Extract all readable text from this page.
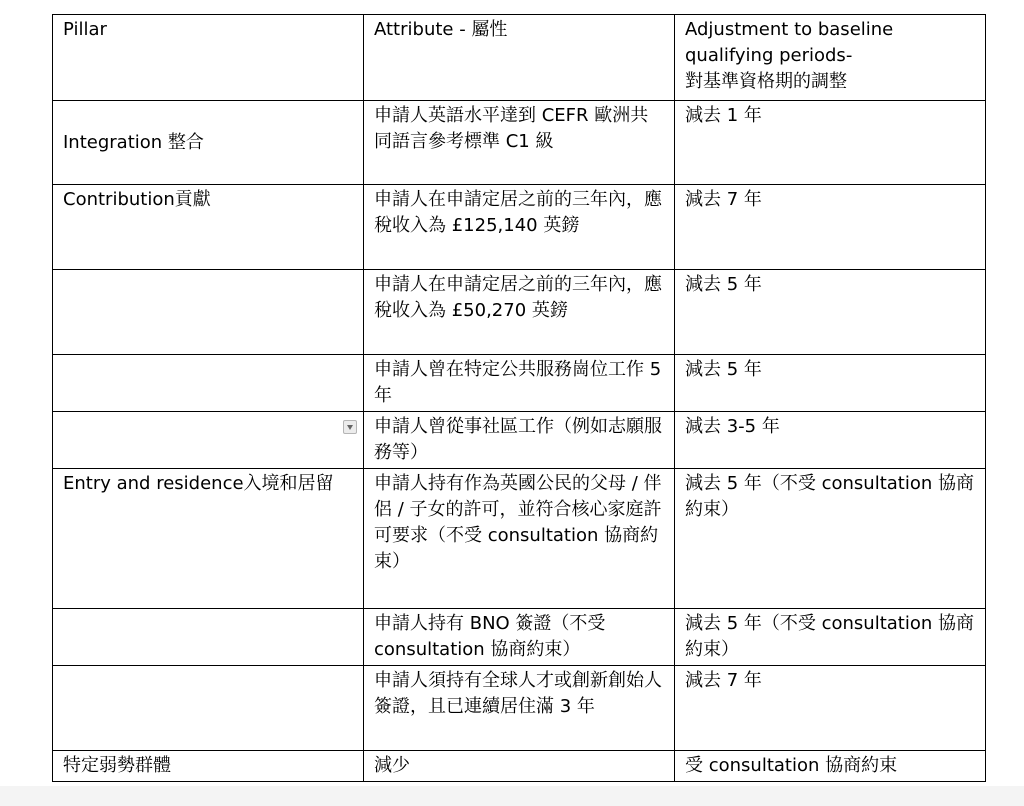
Pillar	Attribute - 屬性	Adjustment to baseline
qualifying periods-
對基準資格期的調整

Integration 整合	申請人英語水平達到 CEFR 歐洲共同語言參考標準 C1 級	減去 1 年
Contribution貢獻	申請人在申請定居之前的三年內，應稅收入為 £125,140 英鎊	減去 7 年
	申請人在申請定居之前的三年內，應稅收入為 £50,270 英鎊	減去 5 年
	申請人曾在特定公共服務崗位工作 5 年	減去 5 年

	申請人曾從事社區工作（例如志願服務等）	減去 3-5 年
Entry and residence入境和居留	申請人持有作為英國公民的父母 / 伴侶 / 子女的許可，並符合核心家庭許可要求（不受 consultation 協商約束）	減去 5 年（不受 consultation 協商約束）
	申請人持有 BNO 簽證（不受 consultation 協商約束）	減去 5 年（不受 consultation 協商約束）
	申請人須持有全球人才或創新創始人簽證，且已連續居住滿 3 年	減去 7 年
特定弱勢群體	減少	受 consultation 協商約束
